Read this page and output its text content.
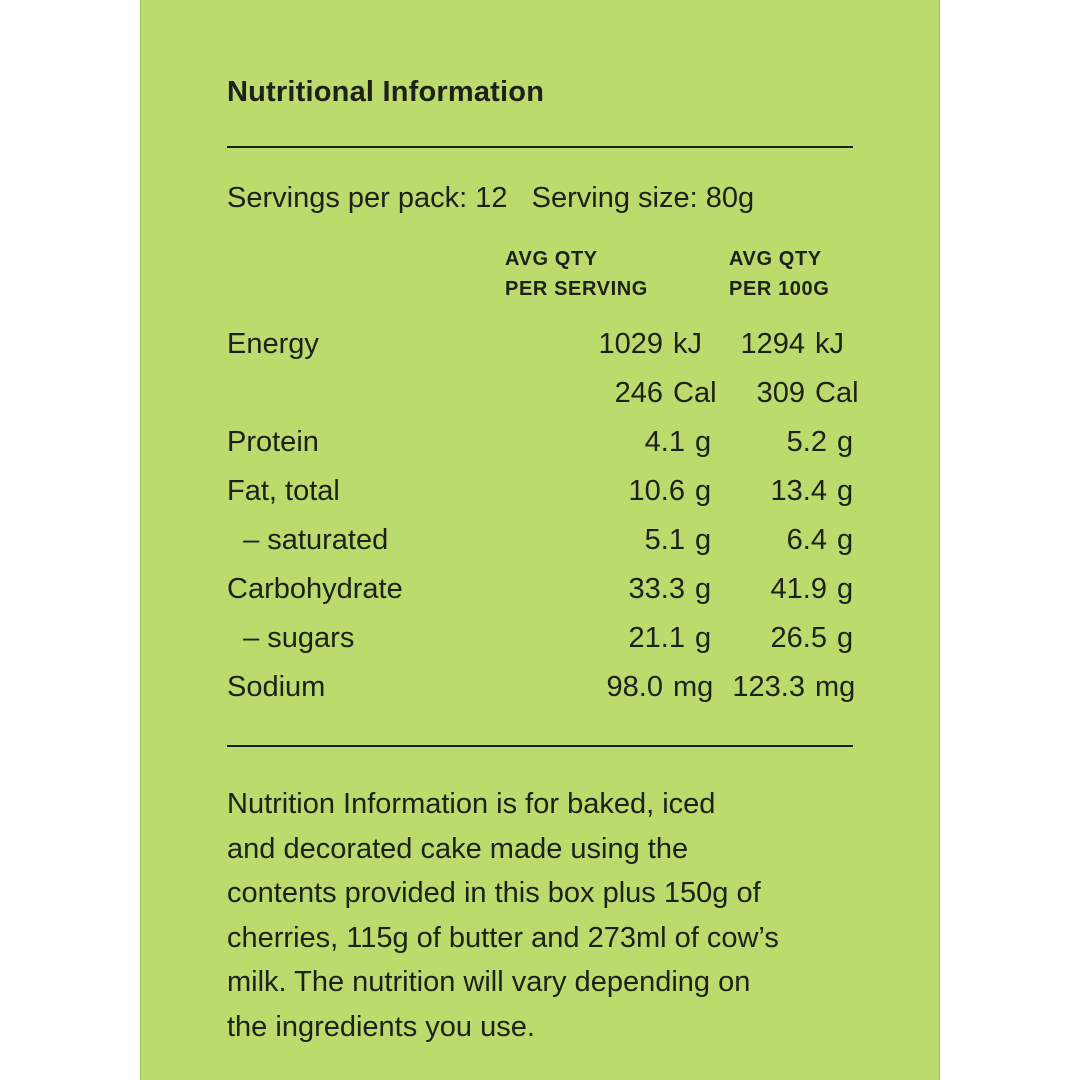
Nutritional Information
Servings per pack: 12   Serving size: 80g
AVG QTY
PER SERVING
AVG QTY
PER 100G
Energy	1029 kJ	1294 kJ
246 Cal 309 Cal
Protein	4.1 g	5.2 g
Fat, total	10.6 g 13.4 g
– saturated	5.1 g	6.4 g
Carbohydrate	33.3 g 41.9 g
– sugars	21.1 g 26.5 g
Sodium	98.0 mg 123.3 mg
Nutrition Information is for baked, iced
and decorated cake made using the
contents provided in this box plus 150g of
cherries, 115g of butter and 273ml of cow’s
milk. The nutrition will vary depending on
the ingredients you use.
